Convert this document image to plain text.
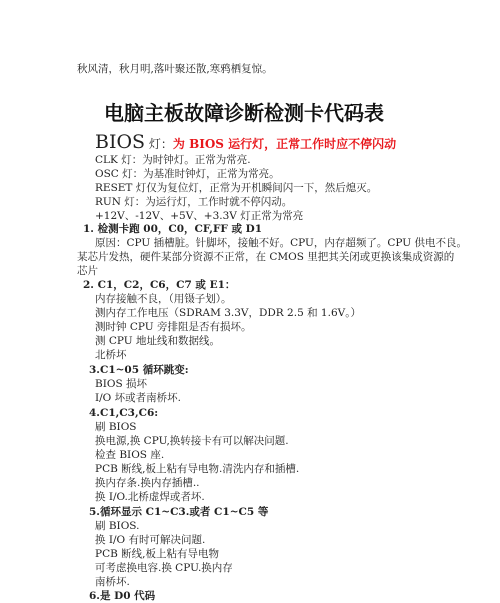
秋风清，秋月明,落叶聚还散,寒鸦栖复惊。
电脑主板故障诊断检测卡代码表
BIOS 灯：为 BIOS 运行灯，正常工作时应不停闪动
CLK 灯：为时钟灯。正常为常亮.
OSC 灯：为基准时钟灯，正常为常亮。
RESET 灯仅为复位灯，正常为开机瞬间闪一下，然后熄灭。
RUN 灯：为运行灯，工作时就不停闪动。
+12V、-12V、+5V、+3.3V 灯正常为常亮
1. 检测卡跑 00，C0，CF,FF 或 D1
原因：CPU 插槽脏。针脚坏，接触不好。CPU，内存超频了。CPU 供电不良。
某芯片发热，硬件某部分资源不正常，在 CMOS 里把其关闭或更换该集成资源的
芯片
2. C1，C2，C6，C7 或 E1：
内存接触不良，（用镊子划）。
测内存工作电压（SDRAM 3.3V，DDR 2.5 和 1.6V。）
测时钟 CPU 旁排阻是否有损坏。
测 CPU 地址线和数据线。
北桥坏
3.C1~05 循环跳变:
BIOS 损坏
I/O 坏或者南桥坏.
4.C1,C3,C6:
刷 BIOS
换电源,换 CPU,换转接卡有可以解决问题.
检查 BIOS 座.
PCB 断线,板上粘有导电物.清洗内存和插槽.
换内存条.换内存插槽..
换 I/O.北桥虚焊或者坏.
5.循环显示 C1~C3.或者 C1~C5 等
刷 BIOS.
换 I/O 有时可解决问题.
PCB 断线,板上粘有导电物
可考虑换电容.换 CPU.换内存
南桥坏.
6.是 D0 代码
